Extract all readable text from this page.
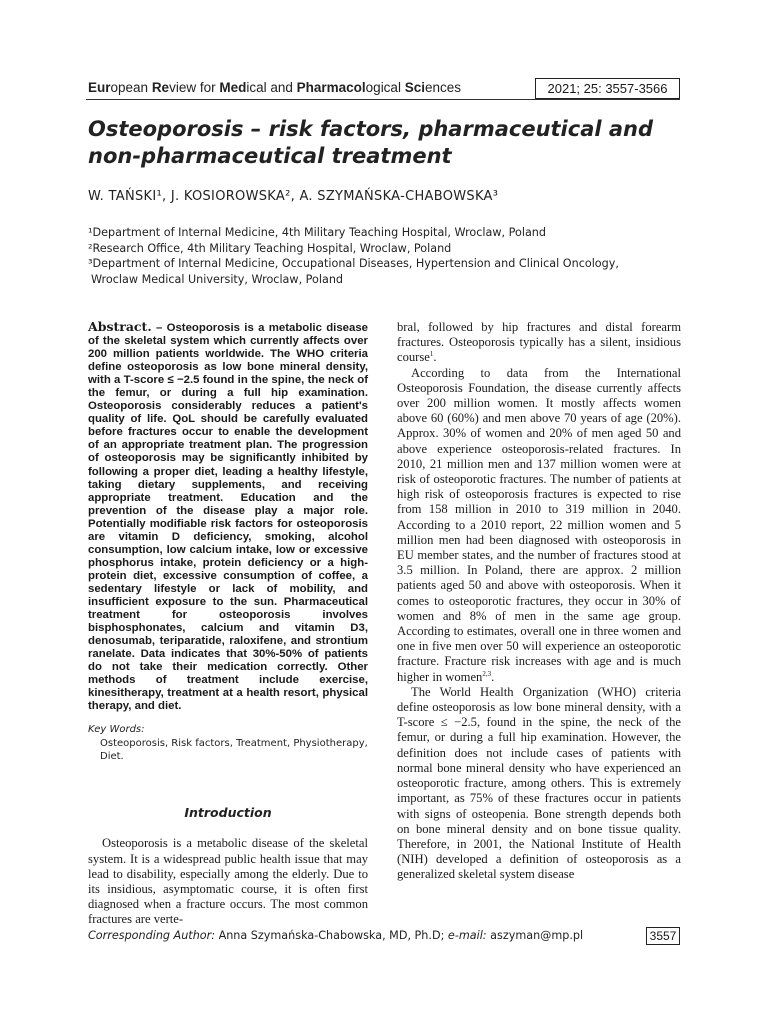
European Review for Medical and Pharmacological Sciences	2021; 25: 3557-3566
Osteoporosis – risk factors, pharmaceutical and non-pharmaceutical treatment
W. TAŃSKI¹, J. KOSIOROWSKA², A. SZYMAŃSKA-CHABOWSKA³
¹Department of Internal Medicine, 4th Military Teaching Hospital, Wroclaw, Poland
²Research Office, 4th Military Teaching Hospital, Wroclaw, Poland
³Department of Internal Medicine, Occupational Diseases, Hypertension and Clinical Oncology,
Wroclaw Medical University, Wroclaw, Poland

Abstract. – Osteoporosis is a metabolic disease of the skeletal system which currently affects over 200 million patients worldwide. The WHO criteria define osteoporosis as low bone mineral density, with a T-score ≤ −2.5 found in the spine, the neck of the femur, or during a full hip examination. Osteoporosis considerably reduces a patient's quality of life. QoL should be carefully evaluated before fractures occur to enable the development of an appropriate treatment plan. The progression of osteoporosis may be significantly inhibited by following a proper diet, leading a healthy lifestyle, taking dietary supplements, and receiving appropriate treatment. Education and the prevention of the disease play a major role. Potentially modifiable risk factors for osteoporosis are vitamin D deficiency, smoking, alcohol consumption, low calcium intake, low or excessive phosphorus intake, protein deficiency or a high-protein diet, excessive consumption of coffee, a sedentary lifestyle or lack of mobility, and insufficient exposure to the sun. Pharmaceutical treatment for osteoporosis involves bisphosphonates, calcium and vitamin D3, denosumab, teriparatide, raloxifene, and strontium ranelate. Data indicates that 30%-50% of patients do not take their medication correctly. Other methods of treatment include exercise, kinesitherapy, treatment at a health resort, physical therapy, and diet.

Key Words:
Osteoporosis, Risk factors, Treatment, Physiotherapy, Diet.
Introduction

Osteoporosis is a metabolic disease of the skeletal system. It is a widespread public health issue that may lead to disability, especially among the elderly. Due to its insidious, asymptomatic course, it is often first diagnosed when a fracture occurs. The most common fractures are verte-

bral, followed by hip fractures and distal forearm fractures. Osteoporosis typically has a silent, insidious course$^1$.

According to data from the International Osteoporosis Foundation, the disease currently affects over 200 million women. It mostly affects women above 60 (60%) and men above 70 years of age (20%). Approx. 30% of women and 20% of men aged 50 and above experience osteoporosis-related fractures. In 2010, 21 million men and 137 million women were at risk of osteoporotic fractures. The number of patients at high risk of osteoporosis fractures is expected to rise from 158 million in 2010 to 319 million in 2040. According to a 2010 report, 22 million women and 5 million men had been diagnosed with osteoporosis in EU member states, and the number of fractures stood at 3.5 million. In Poland, there are approx. 2 million patients aged 50 and above with osteoporosis. When it comes to osteoporotic fractures, they occur in 30% of women and 8% of men in the same age group. According to estimates, overall one in three women and one in five men over 50 will experience an osteoporotic fracture. Fracture risk increases with age and is much higher in women$^{2,3}$.

The World Health Organization (WHO) criteria define osteoporosis as low bone mineral density, with a T-score ≤ −2.5, found in the spine, the neck of the femur, or during a full hip examination. However, the definition does not include cases of patients with normal bone mineral density who have experienced an osteoporotic fracture, among others. This is extremely important, as 75% of these fractures occur in patients with signs of osteopenia. Bone strength depends both on bone mineral density and on bone tissue quality. Therefore, in 2001, the National Institute of Health (NIH) developed a definition of osteoporosis as a generalized skeletal system disease

Corresponding Author: Anna Szymańska-Chabowska, MD, Ph.D; e-mail: aszyman@mp.pl	3557
